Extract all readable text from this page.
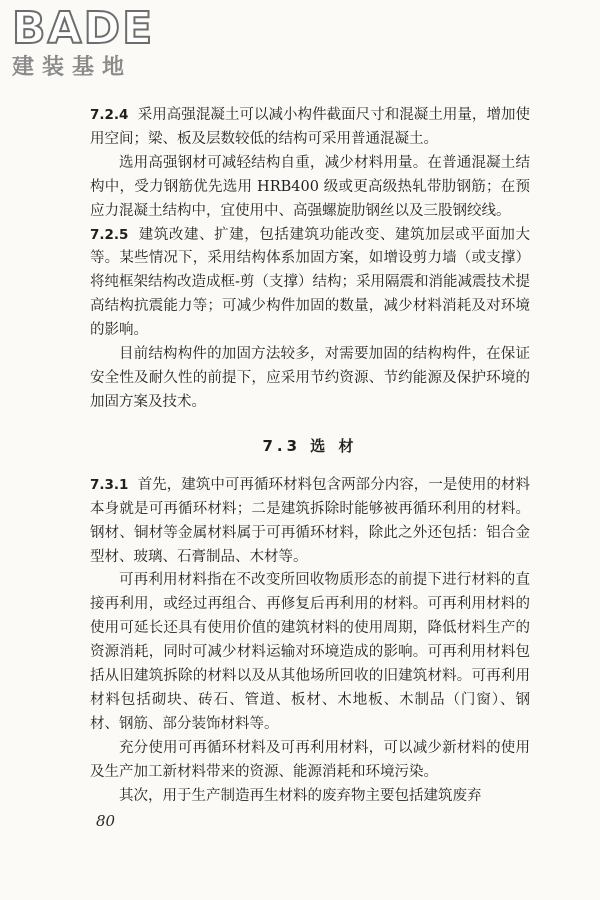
BADE
建装基地

7.2.4 采用高强混凝土可以减小构件截面尺寸和混凝土用量，增加使用空间；梁、板及层数较低的结构可采用普通混凝土。

选用高强钢材可减轻结构自重，减少材料用量。在普通混凝土结构中，受力钢筋优先选用 HRB400 级或更高级热轧带肋钢筋；在预应力混凝土结构中，宜使用中、高强螺旋肋钢丝以及三股钢绞线。

7.2.5 建筑改建、扩建，包括建筑功能改变、建筑加层或平面加大等。某些情况下，采用结构体系加固方案，如增设剪力墙（或支撑）将纯框架结构改造成框-剪（支撑）结构；采用隔震和消能减震技术提高结构抗震能力等；可减少构件加固的数量，减少材料消耗及对环境的影响。

目前结构构件的加固方法较多，对需要加固的结构构件，在保证安全性及耐久性的前提下，应采用节约资源、节约能源及保护环境的加固方案及技术。

7.3 选 材

7.3.1 首先，建筑中可再循环材料包含两部分内容，一是使用的材料本身就是可再循环材料；二是建筑拆除时能够被再循环利用的材料。钢材、铜材等金属材料属于可再循环材料，除此之外还包括：铝合金型材、玻璃、石膏制品、木材等。

可再利用材料指在不改变所回收物质形态的前提下进行材料的直接再利用，或经过再组合、再修复后再利用的材料。可再利用材料的使用可延长还具有使用价值的建筑材料的使用周期，降低材料生产的资源消耗，同时可减少材料运输对环境造成的影响。可再利用材料包括从旧建筑拆除的材料以及从其他场所回收的旧建筑材料。可再利用材料包括砌块、砖石、管道、板材、木地板、木制品（门窗）、钢材、钢筋、部分装饰材料等。

充分使用可再循环材料及可再利用材料，可以减少新材料的使用及生产加工新材料带来的资源、能源消耗和环境污染。

其次，用于生产制造再生材料的废弃物主要包括建筑废弃

80
